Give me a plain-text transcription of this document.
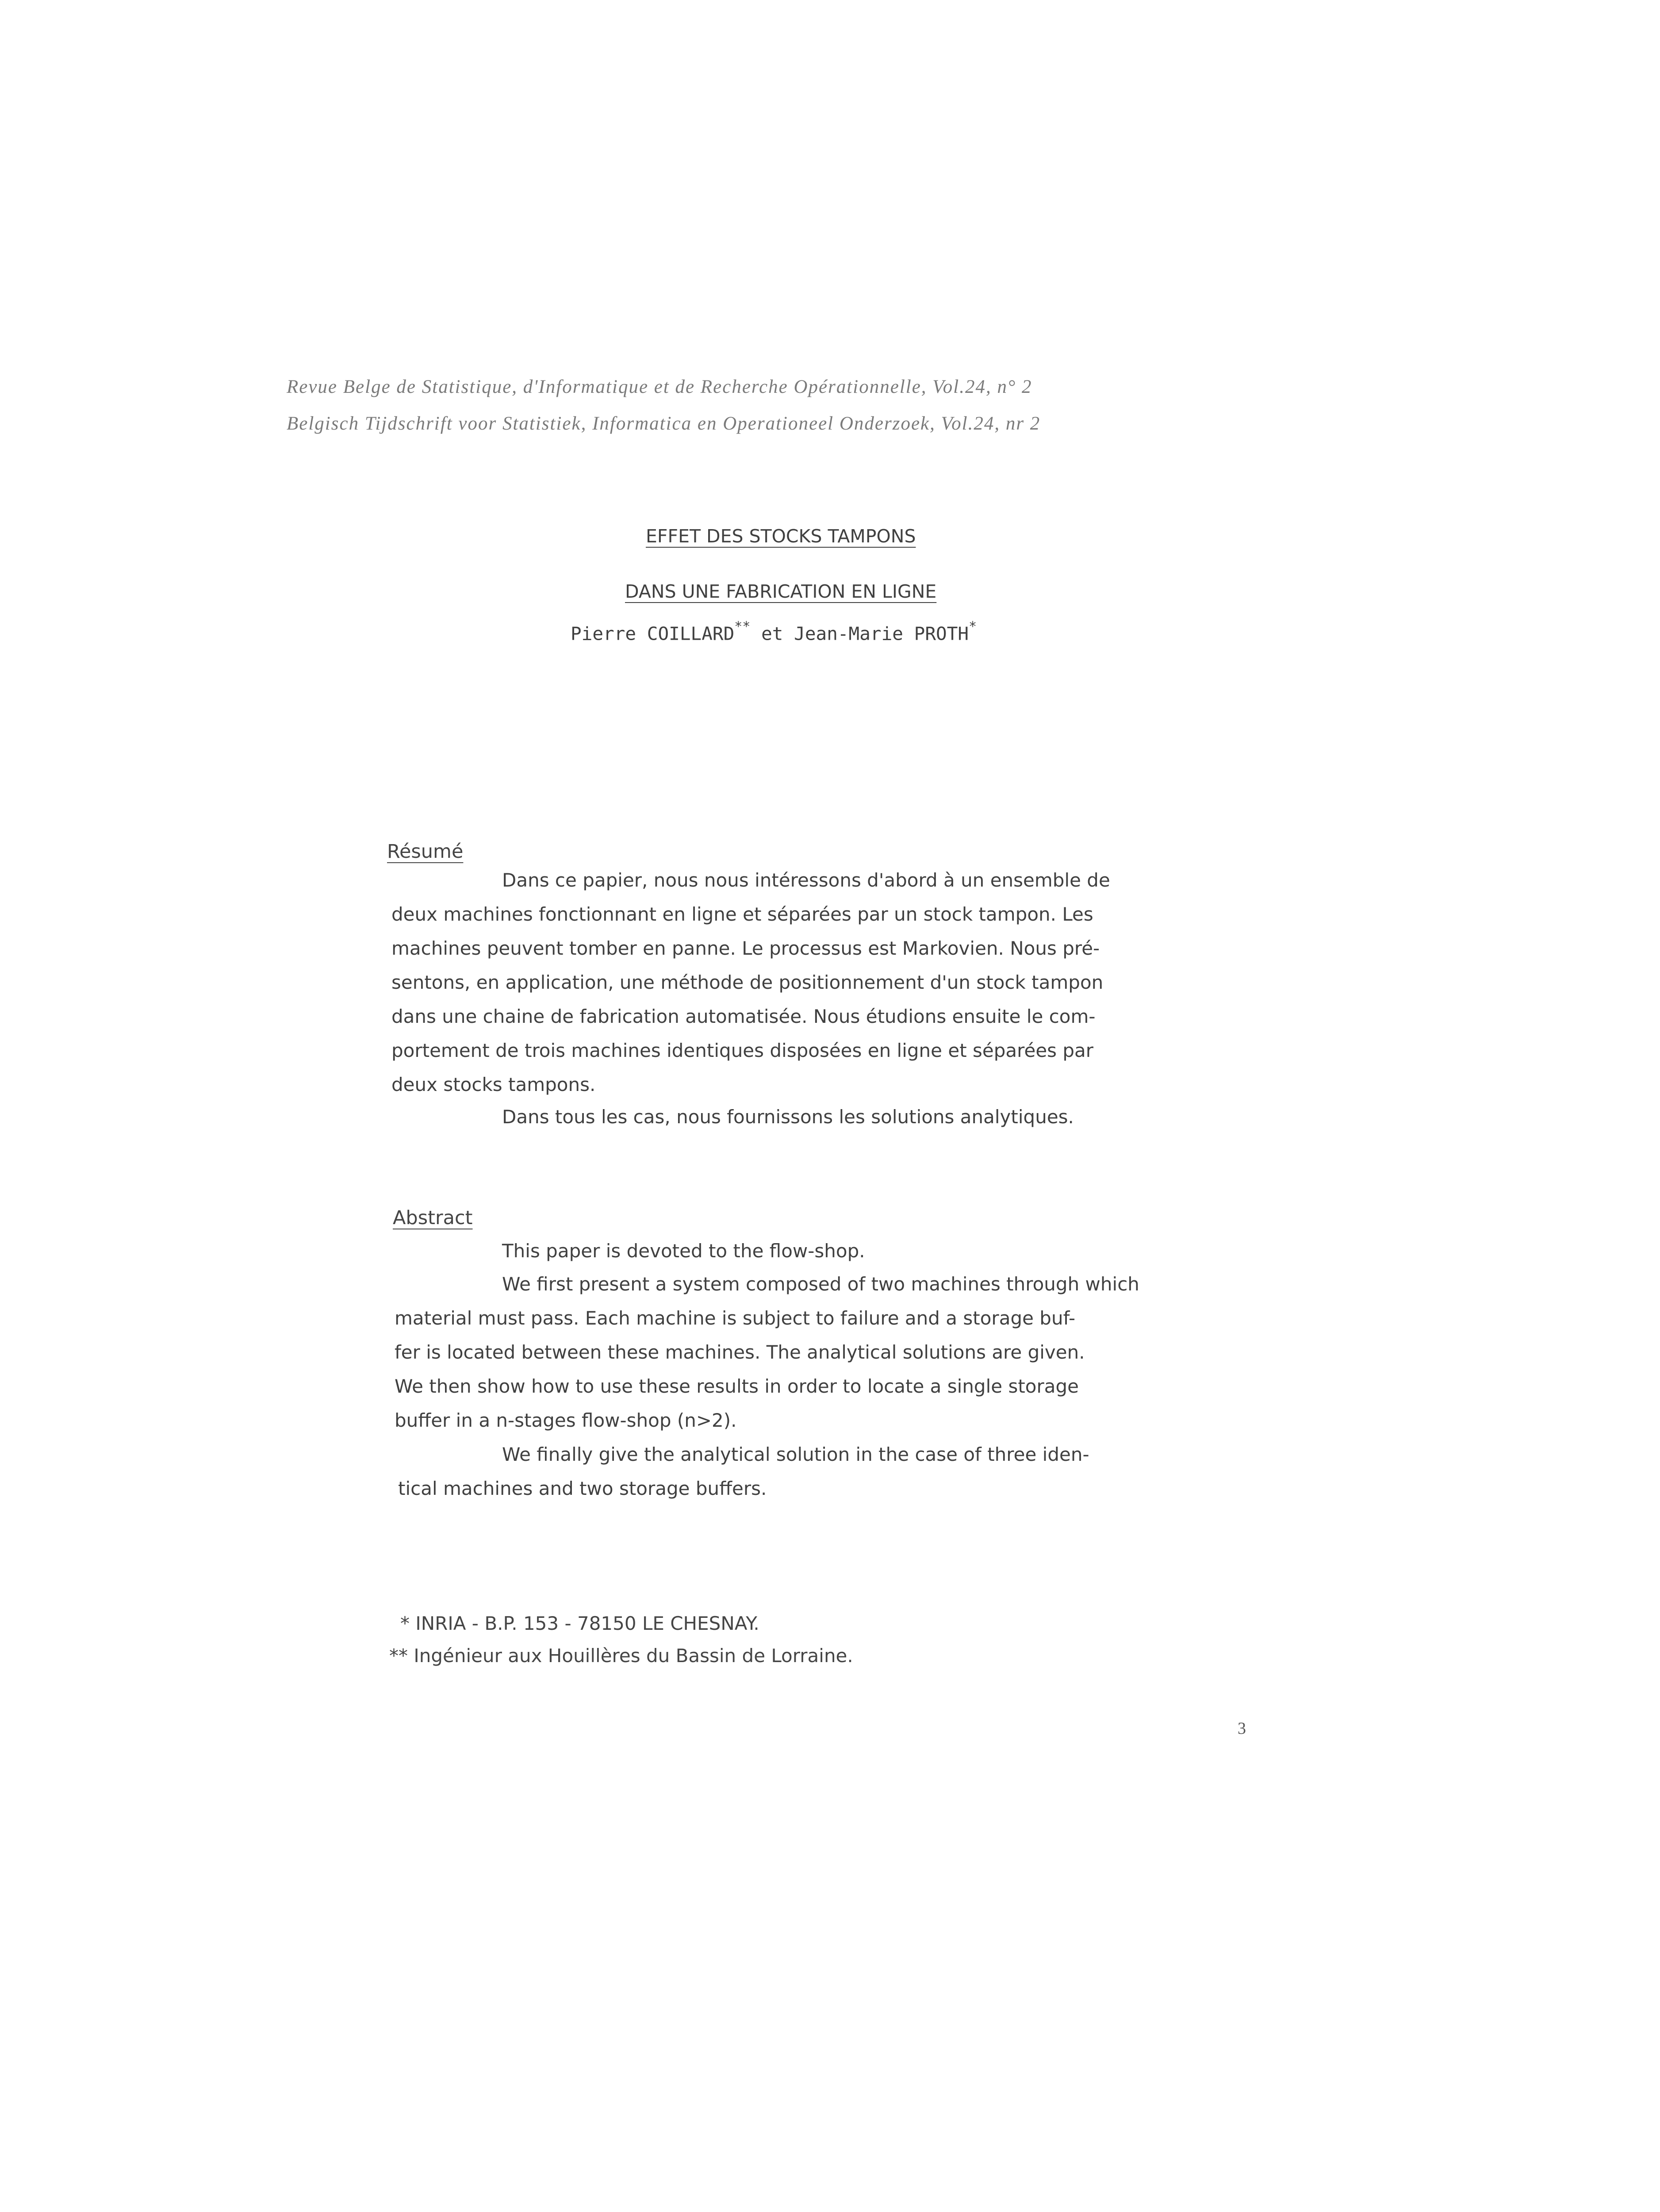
Revue Belge de Statistique, d'Informatique et de Recherche Opérationnelle, Vol.24, n° 2
Belgisch Tijdschrift voor Statistiek, Informatica en Operationeel Onderzoek, Vol.24, nr 2
EFFET DES STOCKS TAMPONS
DANS UNE FABRICATION EN LIGNE
Pierre COILLARD** et Jean-Marie PROTH*
Résumé
Dans ce papier, nous nous intéressons d'abord à un ensemble de
deux machines fonctionnant en ligne et séparées par un stock tampon. Les
machines peuvent tomber en panne. Le processus est Markovien. Nous pré-
sentons, en application, une méthode de positionnement d'un stock tampon
dans une chaine de fabrication automatisée. Nous étudions ensuite le com-
portement de trois machines identiques disposées en ligne et séparées par
deux stocks tampons.
Dans tous les cas, nous fournissons les solutions analytiques.
Abstract
This paper is devoted to the flow-shop.
We first present a system composed of two machines through which
material must pass. Each machine is subject to failure and a storage buf-
fer is located between these machines. The analytical solutions are given.
We then show how to use these results in order to locate a single storage
buffer in a n-stages flow-shop (n>2).
We finally give the analytical solution in the case of three iden-
tical machines and two storage buffers.
* INRIA - B.P. 153 - 78150 LE CHESNAY.
** Ingénieur aux Houillères du Bassin de Lorraine.
3
